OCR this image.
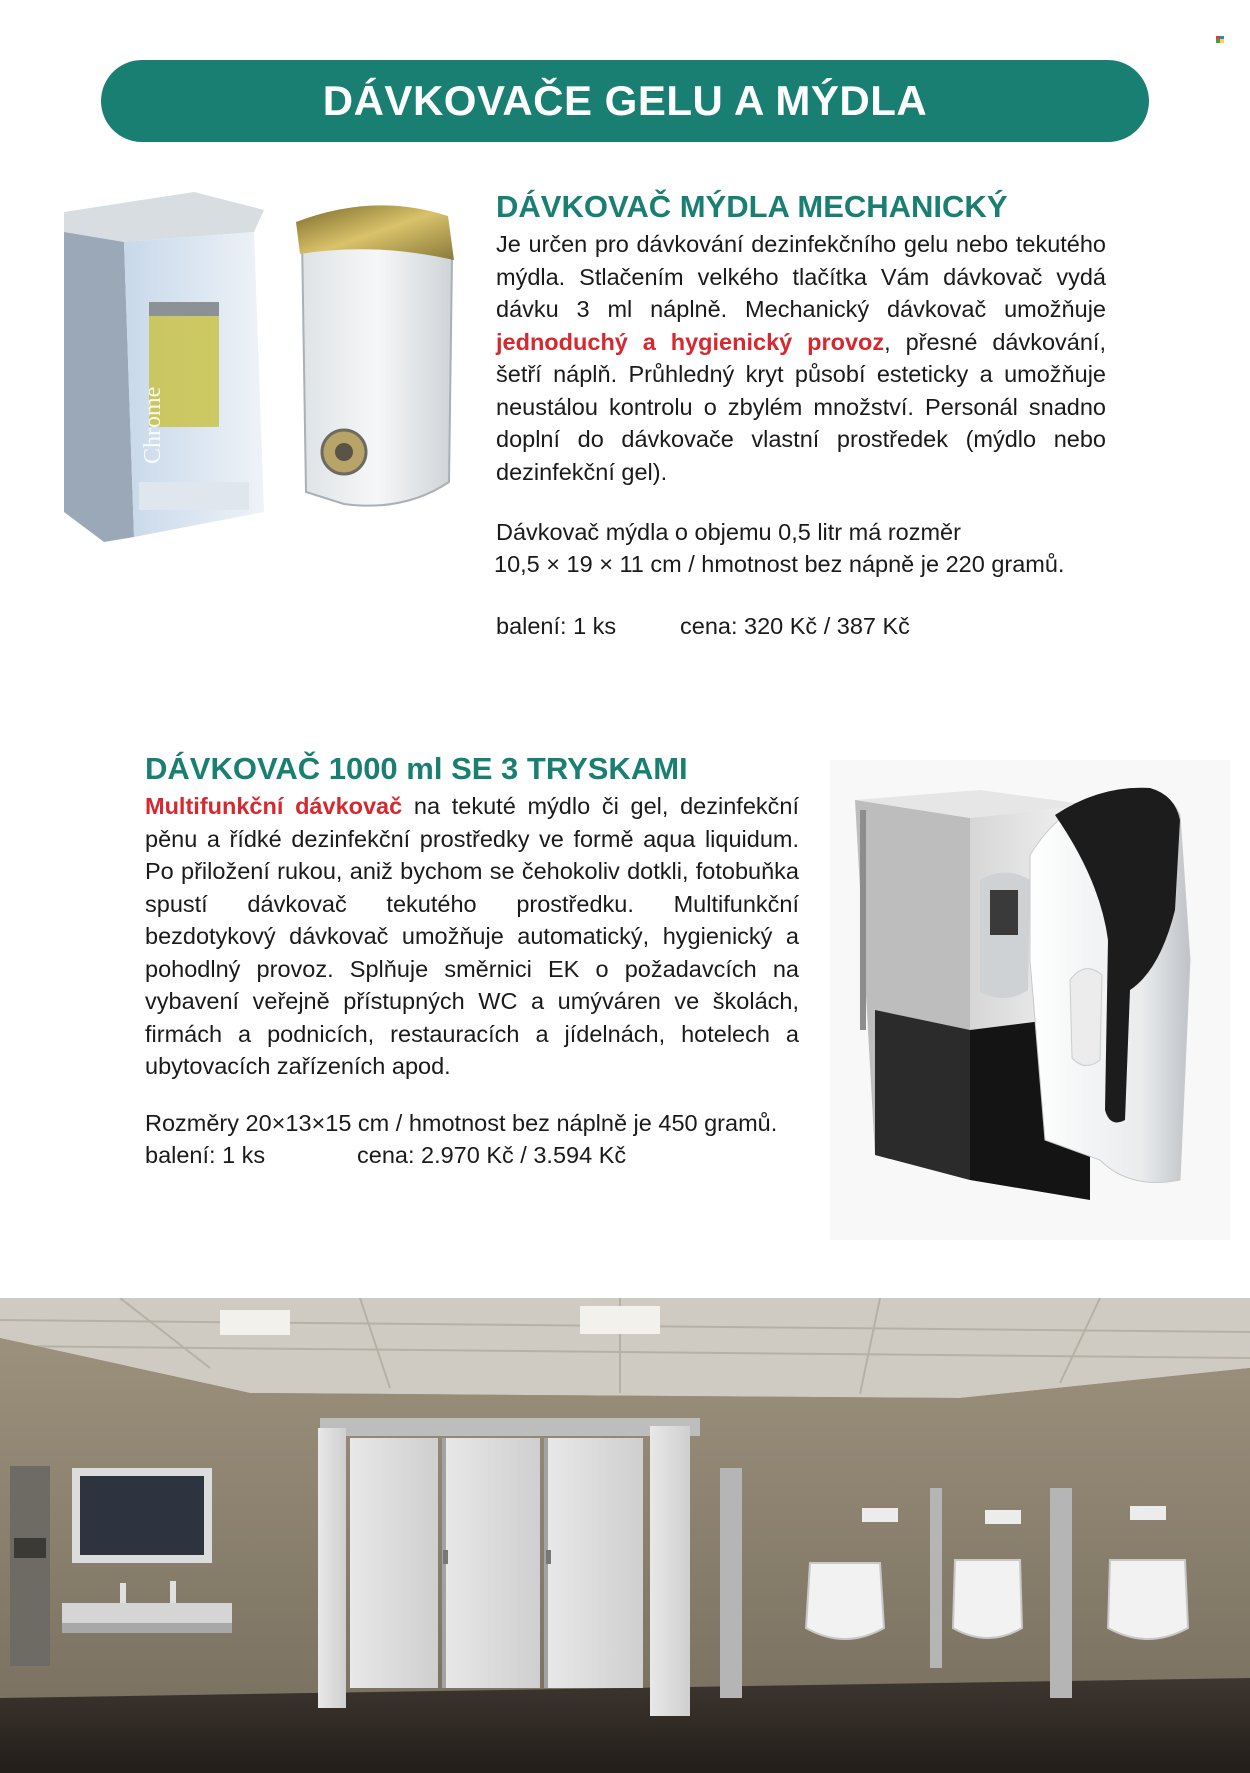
DÁVKOVAČE GELU A MÝDLA
Chrome
DÁVKOVAČ MÝDLA MECHANICKÝ

Je určen pro dávkování dezinfekčního gelu nebo tekutého mýdla. Stlačením velkého tlačítka Vám dávkovač vydá dávku 3 ml náplně. Mechanický dávkovač umožňuje jednoduchý a hygienický provoz, přesné dávkování, šetří náplň. Průhledný kryt působí esteticky a umožňuje neustálou kontrolu o zbylém množství. Personál snadno doplní do dávkovače vlastní prostředek (mýdlo nebo dezinfekční gel).

Dávkovač mýdla o objemu 0,5 litr má rozměr

10,5 × 19 × 11 cm / hmotnost bez nápně je 220 gramů.

balení: 1 ks	cena: 320 Kč / 387 Kč
DÁVKOVAČ 1000 ml SE 3 TRYSKAMI

Multifunkční dávkovač na tekuté mýdlo či gel, dezinfekční pěnu a řídké dezinfekční prostředky ve formě aqua liquidum. Po přiložení rukou, aniž bychom se čehokoliv dotkli, fotobuňka spustí dávkovač tekutého prostředku. Multifunkční bezdotykový dávkovač umožňuje automatický, hygienický a pohodlný provoz. Splňuje směrnici EK o požadavcích na vybavení veřejně přístupných WC a umýváren ve školách, firmách a podnicích, restauracích a jídelnách, hotelech a ubytovacích zařízeních apod.

Rozměry 20×13×15 cm / hmotnost bez náplně je 450 gramů.

balení: 1 ks	cena: 2.970 Kč / 3.594 Kč
